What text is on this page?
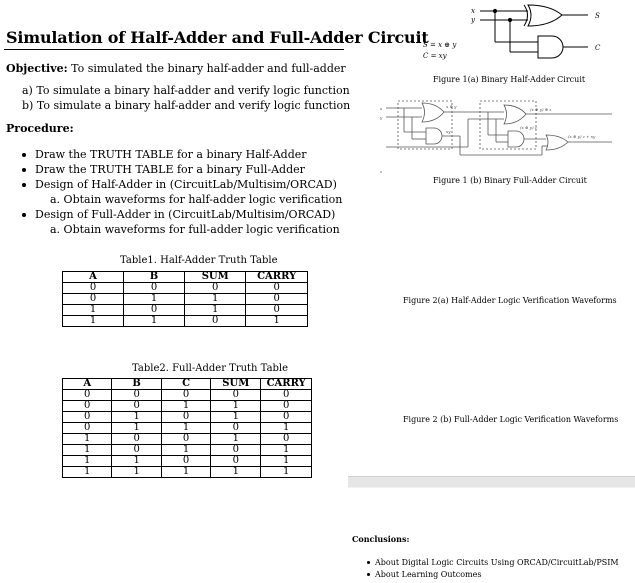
Simulation of Half-Adder and Full-Adder Circuit
Objective: To simulated the binary half-adder and full-adder
a) To simulate a binary half-adder and verify logic function
b) To simulate a binary half-adder and verify logic function
Procedure:
Draw the TRUTH TABLE for a binary Half-Adder
Draw the TRUTH TABLE for a binary Full-Adder
Design of Half-Adder in (CircuitLab/Multisim/ORCAD)
a. Obtain waveforms for half-adder logic verification
Design of Full-Adder in (CircuitLab/Multisim/ORCAD)
a. Obtain waveforms for full-adder logic verification
Table1. Half-Adder Truth Table
A	B	SUM	CARRY
0	0	0	0
0	1	1	0
1	0	1	0
1	1	0	1
Table2. Full-Adder Truth Table
A	B	C	SUM	CARRY
0	0	0	0	0
0	0	1	1	0
0	1	0	1	0
0	1	1	0	1
1	0	0	1	0
1	0	1	0	1
1	1	0	0	1
1	1	1	1	1
x
y	S
C
S = x ⊕ y
C = xy
Figure 1(a) Binary Half-Adder Circuit
x
y
z
x ⊕ y
xy
(x ⊕ y) ⊕ z
(x ⊕ y) z
(x ⊕ y) z + xy
Figure 1 (b) Binary Full-Adder Circuit
Figure 2(a) Half-Adder Logic Verification Waveforms
Figure 2 (b) Full-Adder Logic Verification Waveforms
Conclusions:
About Digital Logic Circuits Using ORCAD/CircuitLab/PSIM
About Learning Outcomes
